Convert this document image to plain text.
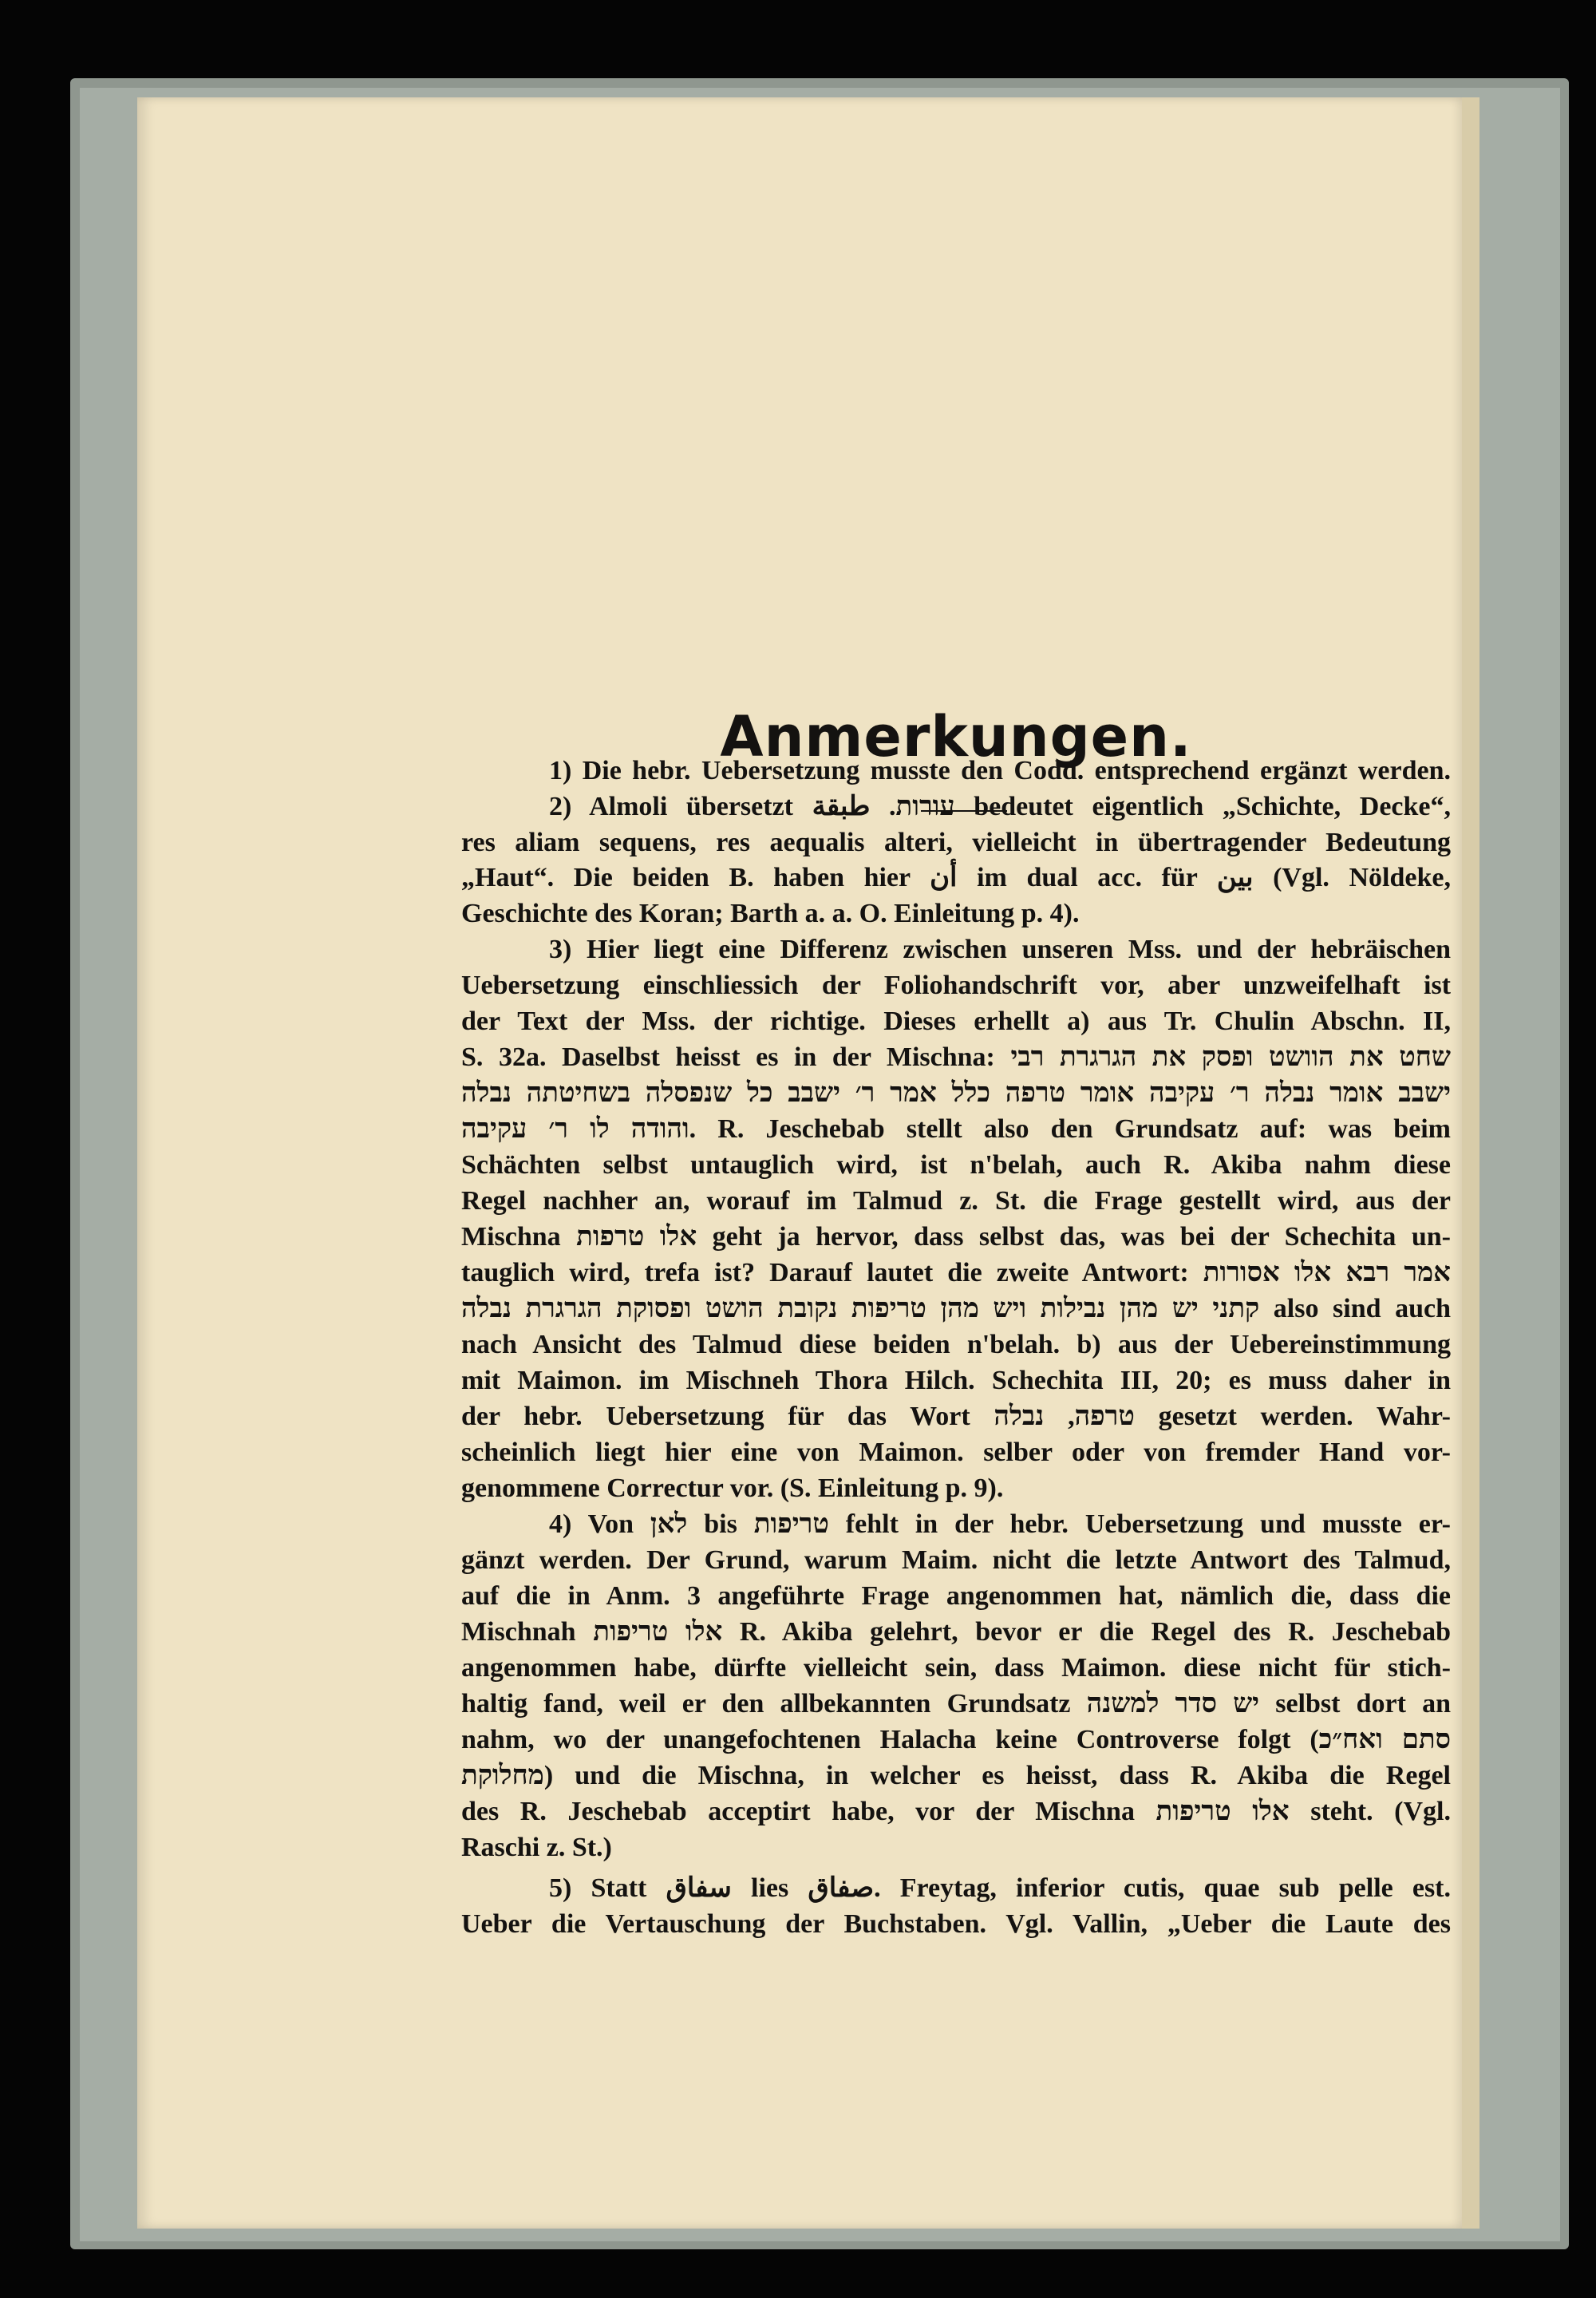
Anmerkungen.
1) Die hebr. Uebersetzung musste den Codd. entsprechend ergänzt werden.
2) Almoli übersetzt עורות. طبقة bedeutet eigentlich „Schichte, Decke“,
res aliam sequens, res aequalis alteri, vielleicht in übertragender Bedeutung
„Haut“. Die beiden B. haben hier أن im dual acc. für بين (Vgl. Nöldeke,
Geschichte des Koran; Barth a. a. O. Einleitung p. 4).
3) Hier liegt eine Differenz zwischen unseren Mss. und der hebräischen
Uebersetzung einschliessich der Foliohandschrift vor, aber unzweifelhaft ist
der Text der Mss. der richtige. Dieses erhellt a) aus Tr. Chulin Abschn. II,
S. 32a. Daselbst heisst es in der Mischna: שחט את הוושט ופסק את הגרגרת רבי
ישבב אומר נבלה ר׳ עקיבה אומר טרפה כלל אמר ר׳ ישבב כל שנפסלה בשחיטתה נבלה
והודה לו ר׳ עקיבה. R. Jeschebab stellt also den Grundsatz auf: was beim
Schächten selbst untauglich wird, ist n'belah, auch R. Akiba nahm diese
Regel nachher an, worauf im Talmud z. St. die Frage gestellt wird, aus der
Mischna אלו טרפות geht ja hervor, dass selbst das, was bei der Schechita un-
tauglich wird, trefa ist? Darauf lautet die zweite Antwort: אמר רבא אלו אסורות
קתני יש מהן נבילות ויש מהן טריפות נקובת הושט ופסוקת הגרגרת נבלה also sind auch
nach Ansicht des Talmud diese beiden n'belah. b) aus der Uebereinstimmung
mit Maimon. im Mischneh Thora Hilch. Schechita III, 20; es muss daher in
der hebr. Uebersetzung für das Wort טרפה, נבלה gesetzt werden. Wahr-
scheinlich liegt hier eine von Maimon. selber oder von fremder Hand vor-
genommene Correctur vor. (S. Einleitung p. 9).
4) Von לאן bis טריפות fehlt in der hebr. Uebersetzung und musste er-
gänzt werden. Der Grund, warum Maim. nicht die letzte Antwort des Talmud,
auf die in Anm. 3 angeführte Frage angenommen hat, nämlich die, dass die
Mischnah אלו טריפות R. Akiba gelehrt, bevor er die Regel des R. Jeschebab
angenommen habe, dürfte vielleicht sein, dass Maimon. diese nicht für stich-
haltig fand, weil er den allbekannten Grundsatz יש סדר למשנה selbst dort an
nahm, wo der unangefochtenen Halacha keine Controverse folgt (סתם ואח״כ
מחלוקת) und die Mischna, in welcher es heisst, dass R. Akiba die Regel
des R. Jeschebab acceptirt habe, vor der Mischna אלו טריפות steht. (Vgl.
Raschi z. St.)
5) Statt سفاق lies صفاق. Freytag, inferior cutis, quae sub pelle est.
Ueber die Vertauschung der Buchstaben. Vgl. Vallin, „Ueber die Laute des
